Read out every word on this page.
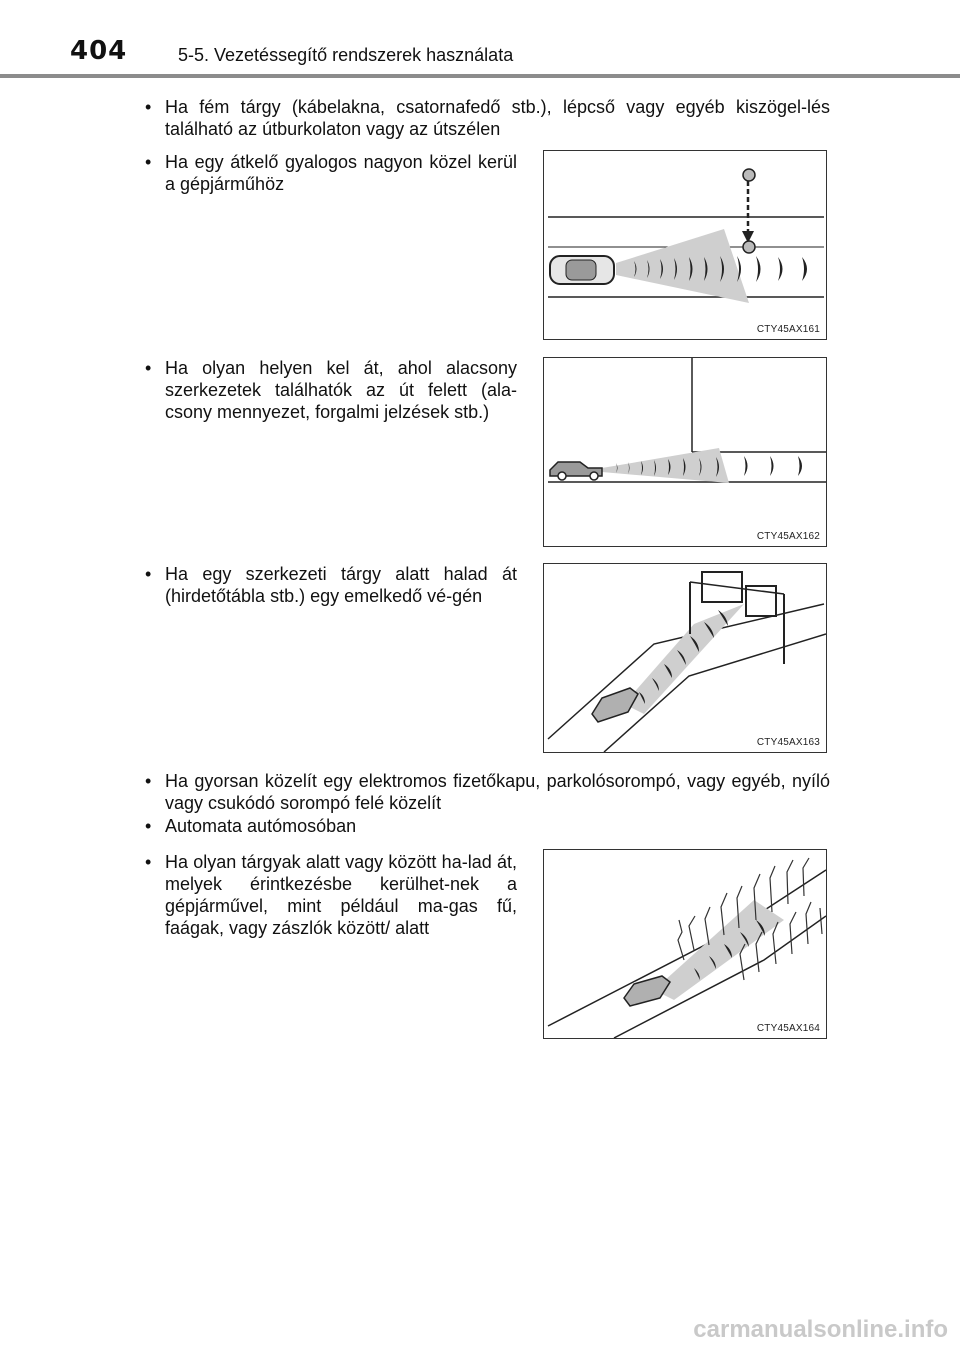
404	5-5. Vezetéssegítő rendszerek használata
• Ha fém tárgy (kábelakna, csatornafedő stb.), lépcső vagy egyéb kiszögel-lés található az útburkolaton vagy az útszélen
• Ha egy átkelő gyalogos nagyon közel kerül a gépjárműhöz
CTY45AX161
• Ha olyan helyen kel át, ahol alacsony szerkezetek találhatók az út felett (ala-csony mennyezet, forgalmi jelzések stb.)
CTY45AX162
• Ha egy szerkezeti tárgy alatt halad át (hirdetőtábla stb.) egy emelkedő vé-gén
CTY45AX163
• Ha gyorsan közelít egy elektromos fizetőkapu, parkolósorompó, vagy egyéb, nyíló vagy csukódó sorompó felé közelít
• Automata autómosóban
• Ha olyan tárgyak alatt vagy között ha-lad át, melyek érintkezésbe kerülhet-nek a gépjárművel, mint például ma-gas fű, faágak, vagy zászlók között/ alatt
CTY45AX164
carmanualsonline.info
